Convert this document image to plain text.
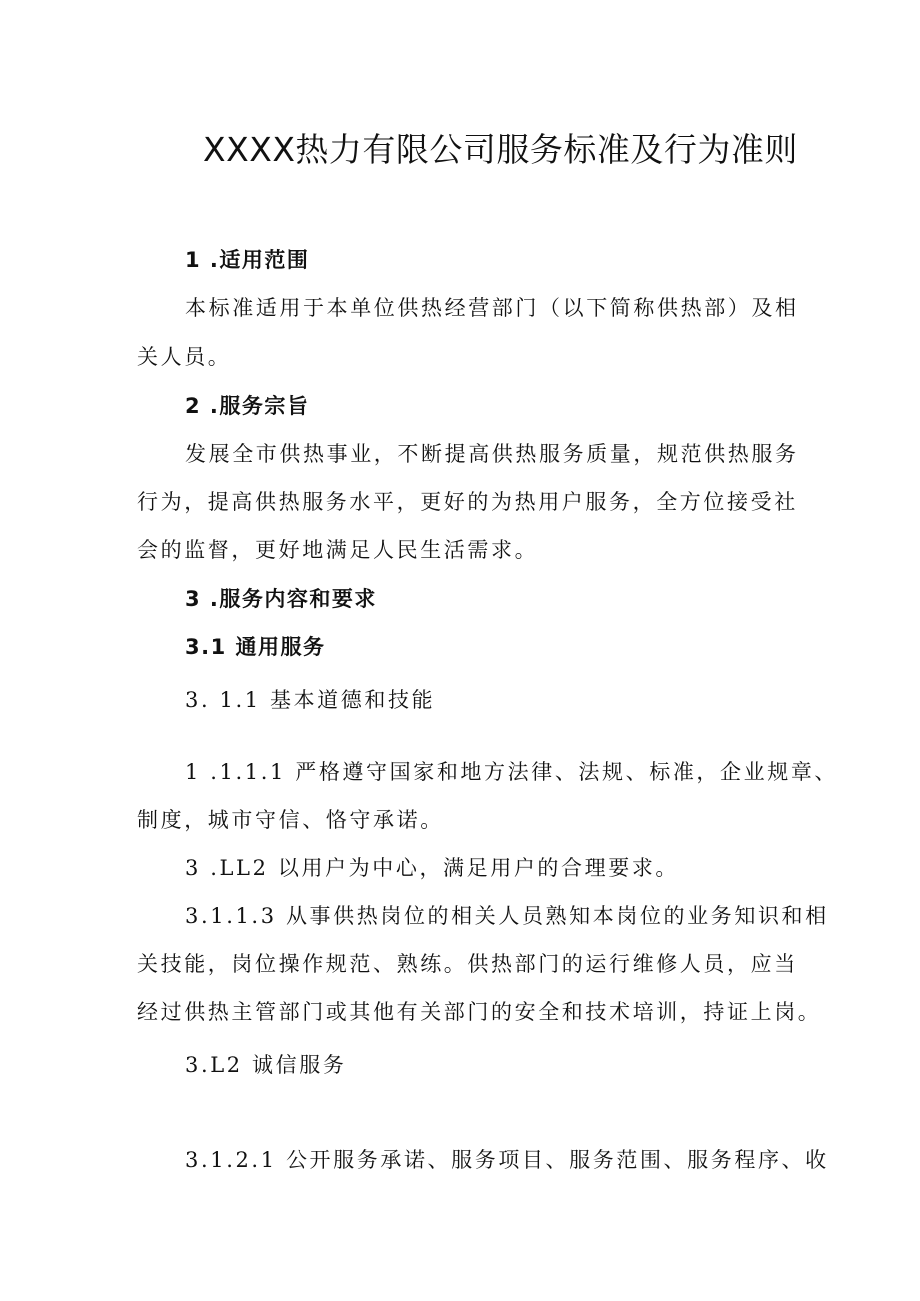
XXXX热力有限公司服务标准及行为准则
1 .适用范围
本标准适用于本单位供热经营部门（以下简称供热部）及相
关人员。
2 .服务宗旨
发展全市供热事业，不断提高供热服务质量，规范供热服务
行为，提高供热服务水平，更好的为热用户服务，全方位接受社
会的监督，更好地满足人民生活需求。
3 .服务内容和要求
3.1 通用服务
3. 1.1 基本道德和技能
1 .1.1.1 严格遵守国家和地方法律、法规、标准，企业规章、
制度，城市守信、恪守承诺。
3 .LL2 以用户为中心，满足用户的合理要求。
3.1.1.3 从事供热岗位的相关人员熟知本岗位的业务知识和相
关技能，岗位操作规范、熟练。供热部门的运行维修人员，应当
经过供热主管部门或其他有关部门的安全和技术培训，持证上岗。
3.L2 诚信服务
3.1.2.1 公开服务承诺、服务项目、服务范围、服务程序、收
